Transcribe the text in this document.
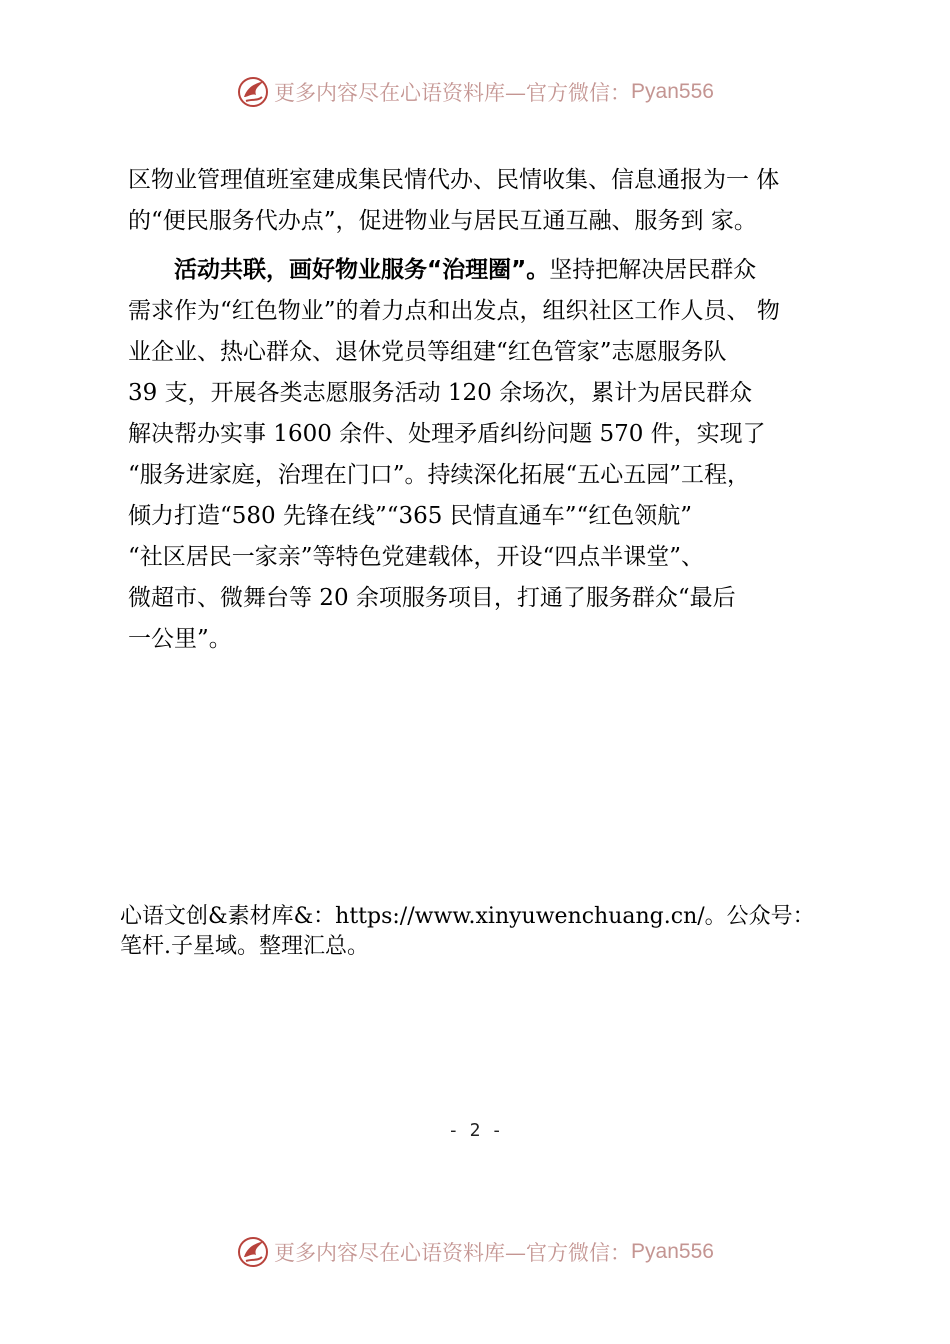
更多内容尽在心语资料库—官方微信： Pyan556
区物业管理值班室建成集民情代办、民情收集、信息通报为一 体
的“便民服务代办点”，促进物业与居民互通互融、服务到 家。
活动共联，画好物业服务“治理圈”。坚持把解决居民群众
需求作为“红色物业”的着力点和出发点，组织社区工作人员、 物
业企业、热心群众、退休党员等组建“红色管家”志愿服务队
39 支，开展各类志愿服务活动 120 余场次，累计为居民群众
解决帮办实事 1600 余件、处理矛盾纠纷问题 570 件，实现了
“服务进家庭，治理在门口”。持续深化拓展“五心五园”工程，
倾力打造“580 先锋在线”“365 民情直通车”“红色领航”
“社区居民一家亲”等特色党建载体，开设“四点半课堂”、
微超市、微舞台等 20 余项服务项目，打通了服务群众“最后
一公里”。
心语文创&素材库&：https://www.xinyuwenchuang.cn/。公众号：
笔杆.子星域。整理汇总。
- 2 -
更多内容尽在心语资料库—官方微信： Pyan556
